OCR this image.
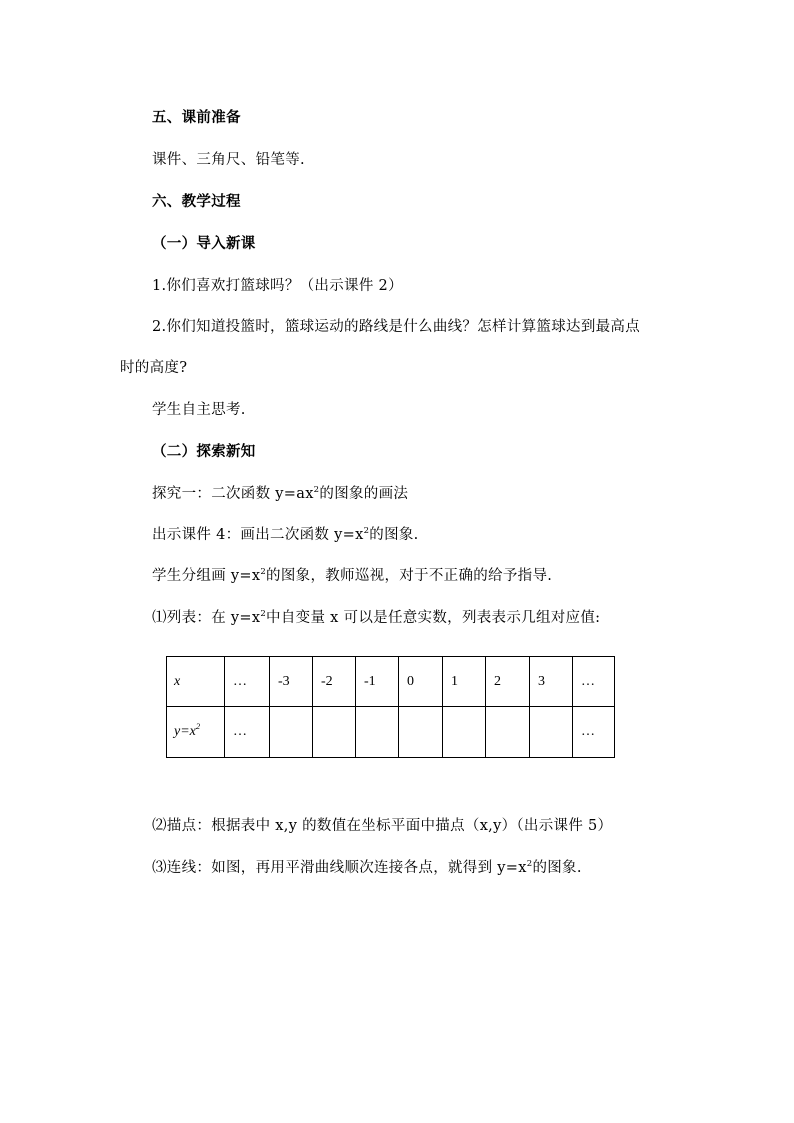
五、课前准备
课件、三角尺、铅笔等.
六、教学过程
（一）导入新课
1.你们喜欢打篮球吗？（出示课件 2）
2.你们知道投篮时，篮球运动的路线是什么曲线？怎样计算篮球达到最高点
时的高度?
学生自主思考.
（二）探索新知
探究一：二次函数 $y=ax^2$的图象的画法
出示课件 4：画出二次函数 $y=x^2$的图象.
学生分组画 $y=x^2$的图象，教师巡视，对于不正确的给予指导.
⑴列表：在 $y=x^2$中自变量 x 可以是任意实数，列表表示几组对应值:
x	…	-3	-2	-1	0	1	2	3	…
$y=x^2$	…								…
⑵描点：根据表中 x,y 的数值在坐标平面中描点（x,y）（出示课件 5）
⑶连线：如图，再用平滑曲线顺次连接各点，就得到 $y=x^2$的图象.
